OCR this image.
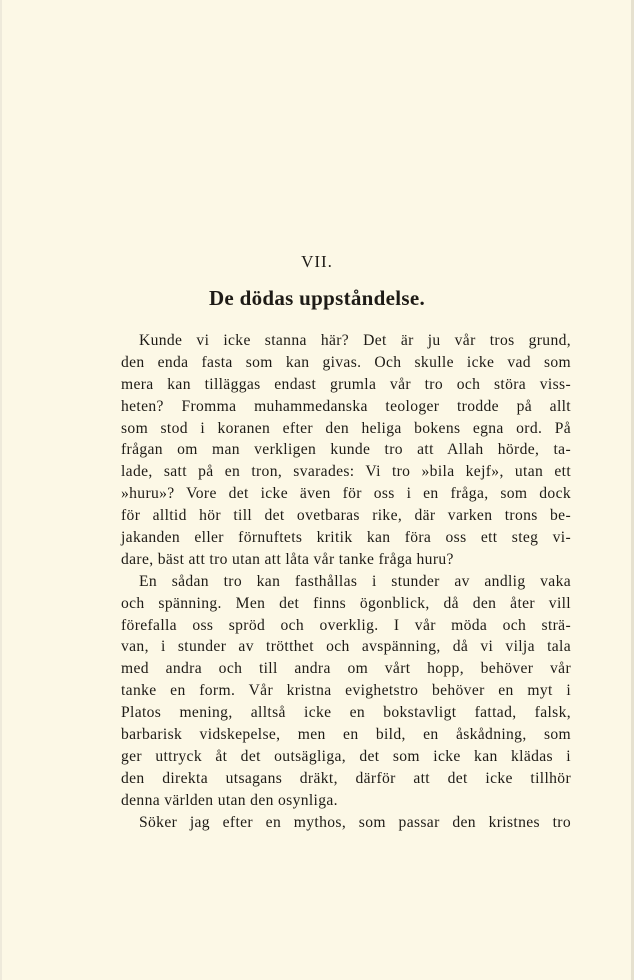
VII.
De dödas uppståndelse.
Kunde vi icke stanna här? Det är ju vår tros grund,
den enda fasta som kan givas. Och skulle icke vad som
mera kan tilläggas endast grumla vår tro och störa viss-
heten? Fromma muhammedanska teologer trodde på allt
som stod i koranen efter den heliga bokens egna ord. På
frågan om man verkligen kunde tro att Allah hörde, ta-
lade, satt på en tron, svarades: Vi tro »bila kejf», utan ett
»huru»? Vore det icke även för oss i en fråga, som dock
för alltid hör till det ovetbaras rike, där varken trons be-
jakanden eller förnuftets kritik kan föra oss ett steg vi-
dare, bäst att tro utan att låta vår tanke fråga huru?
En sådan tro kan fasthållas i stunder av andlig vaka
och spänning. Men det finns ögonblick, då den åter vill
förefalla oss spröd och overklig. I vår möda och strä-
van, i stunder av trötthet och avspänning, då vi vilja tala
med andra och till andra om vårt hopp, behöver vår
tanke en form. Vår kristna evighetstro behöver en myt i
Platos mening, alltså icke en bokstavligt fattad, falsk,
barbarisk vidskepelse, men en bild, en åskådning, som
ger uttryck åt det outsägliga, det som icke kan klädas i
den direkta utsagans dräkt, därför att det icke tillhör
denna världen utan den osynliga.
Söker jag efter en mythos, som passar den kristnes tro
